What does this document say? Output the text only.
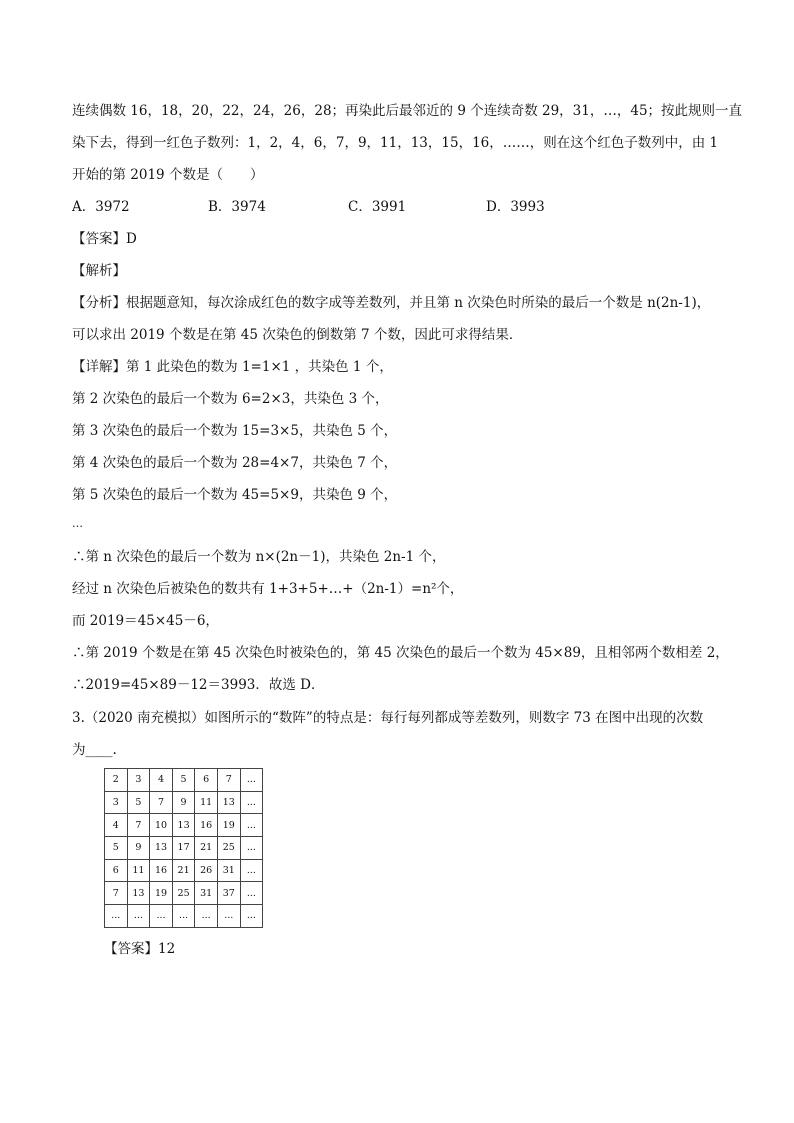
连续偶数 16，18，20，22，24，26，28；再染此后最邻近的 9 个连续奇数 29，31，…，45；按此规则一直
染下去，得到一红色子数列：1，2，4，6，7，9，11，13，15，16，……，则在这个红色子数列中，由 1
开始的第 2019 个数是（　　）
A．3972	B．3974	C．3991	D．3993
【答案】D
【解析】
【分析】根据题意知，每次涂成红色的数字成等差数列，并且第 n 次染色时所染的最后一个数是 n(2n-1)，
可以求出 2019 个数是在第 45 次染色的倒数第 7 个数，因此可求得结果．
【详解】第 1 此染色的数为 1=1×1 ，共染色 1 个，
第 2 次染色的最后一个数为 6=2×3，共染色 3 个，
第 3 次染色的最后一个数为 15=3×5，共染色 5 个，
第 4 次染色的最后一个数为 28=4×7，共染色 7 个，
第 5 次染色的最后一个数为 45=5×9，共染色 9 个，
…
∴第 n 次染色的最后一个数为 n×(2n－1)，共染色 2n-1 个，
经过 n 次染色后被染色的数共有 1+3+5+…+（2n-1）=n²个，
而 2019＝45×45－6，
∴第 2019 个数是在第 45 次染色时被染色的，第 45 次染色的最后一个数为 45×89，且相邻两个数相差 2，
∴2019=45×89－12＝3993．故选 D．
3.（2020 南充模拟）如图所示的“数阵”的特点是：每行每列都成等差数列，则数字 73 在图中出现的次数
为____.
2	3	4	5	6	7	...
3	5	7	9	11	13	...
4	7	10	13	16	19	...
5	9	13	17	21	25	...
6	11	16	21	26	31	...
7	13	19	25	31	37	...
...	...	...	...	...	...	...
【答案】12
